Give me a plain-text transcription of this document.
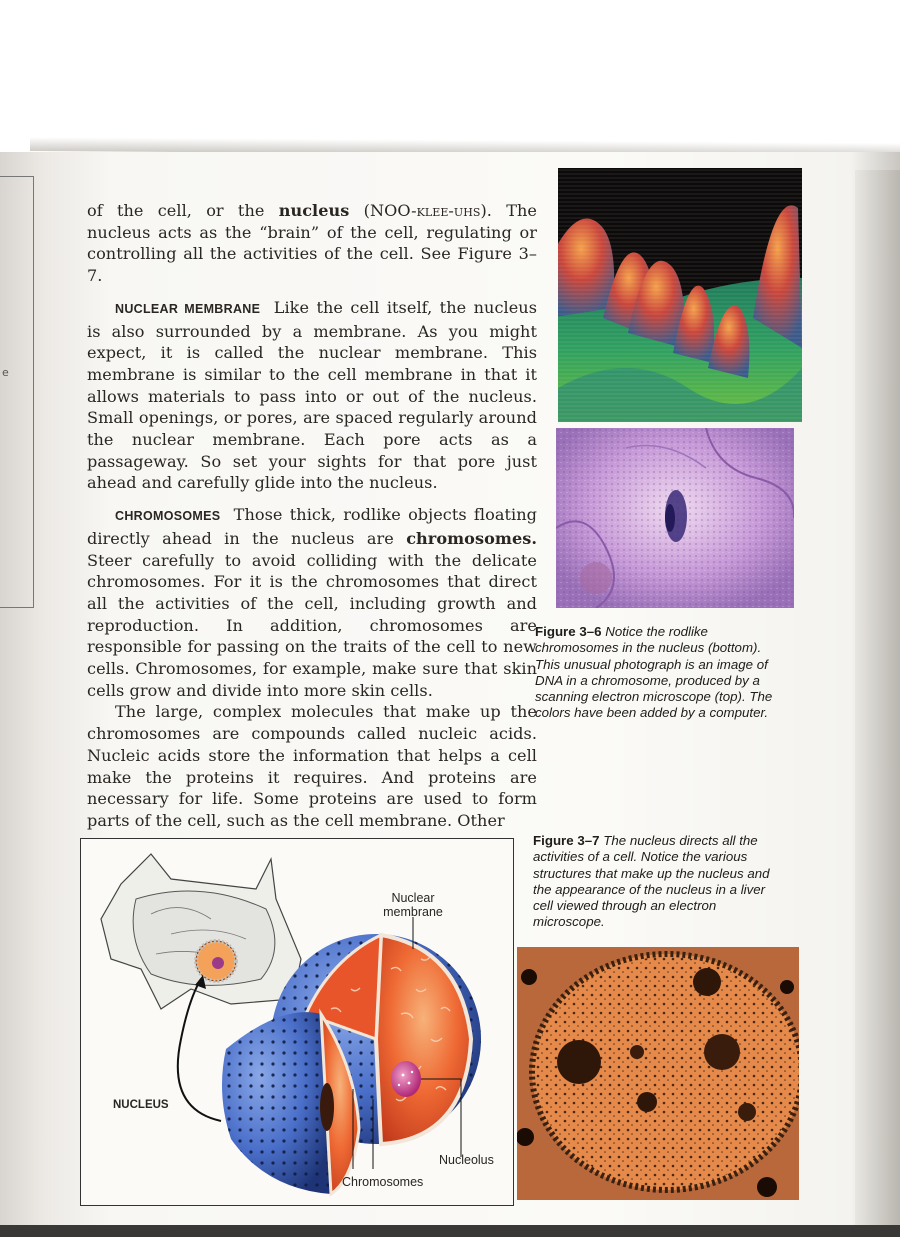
e

of the cell, or the nucleus (NOO-klee-uhs). The nucleus acts as the “brain” of the cell, regulating or controlling all the activities of the cell. See Figure 3–7.

NUCLEAR MEMBRANE Like the cell itself, the nucleus is also surrounded by a membrane. As you might expect, it is called the nuclear membrane. This membrane is similar to the cell membrane in that it allows materials to pass into or out of the nucleus. Small openings, or pores, are spaced regularly around the nuclear membrane. Each pore acts as a passageway. So set your sights for that pore just ahead and carefully glide into the nucleus.

CHROMOSOMES Those thick, rodlike objects floating directly ahead in the nucleus are chromosomes. Steer carefully to avoid colliding with the delicate chromosomes. For it is the chromosomes that direct all the activities of the cell, including growth and reproduction. In addition, chromosomes are responsible for passing on the traits of the cell to new cells. Chromosomes, for example, make sure that skin cells grow and divide into more skin cells.

The large, complex molecules that make up the chromosomes are compounds called nucleic acids. Nucleic acids store the information that helps a cell make the proteins it requires. And proteins are necessary for life. Some proteins are used to form parts of the cell, such as the cell membrane. Other

Figure 3–6 Notice the rodlike chromosomes in the nucleus (bottom). This unusual photograph is an image of DNA in a chromosome, produced by a scanning electron microscope (top). The colors have been added by a computer.
Figure 3–7 The nucleus directs all the activities of a cell. Notice the various structures that make up the nucleus and the appearance of the nucleus in a liver cell viewed through an electron microscope.
Nuclear
membrane
NUCLEUS
Nucleolus
Chromosomes
